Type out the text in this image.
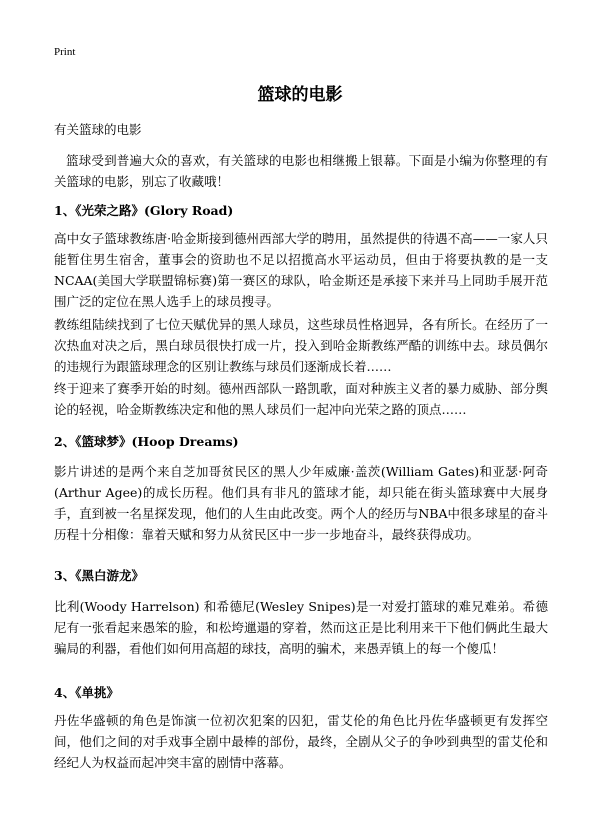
Print
篮球的电影
有关篮球的电影

篮球受到普遍大众的喜欢，有关篮球的电影也相继搬上银幕。下面是小编为你整理的有关篮球的电影，别忘了收藏哦！

1、《光荣之路》(Glory Road)

高中女子篮球教练唐·哈金斯接到德州西部大学的聘用，虽然提供的待遇不高——一家人只能暂住男生宿舍，董事会的资助也不足以招揽高水平运动员，但由于将要执教的是一支NCAA(美国大学联盟锦标赛)第一赛区的球队，哈金斯还是承接下来并马上同助手展开范围广泛的定位在黑人选手上的球员搜寻。

教练组陆续找到了七位天赋优异的黑人球员，这些球员性格迥异，各有所长。在经历了一次热血对决之后，黑白球员很快打成一片，投入到哈金斯教练严酷的训练中去。球员偶尔的违规行为跟篮球理念的区别让教练与球员们逐渐成长着……

终于迎来了赛季开始的时刻。德州西部队一路凯歌，面对种族主义者的暴力威胁、部分舆论的轻视，哈金斯教练决定和他的黑人球员们一起冲向光荣之路的顶点……

2、《篮球梦》(Hoop Dreams)

影片讲述的是两个来自芝加哥贫民区的黑人少年威廉·盖茨(William Gates)和亚瑟·阿奇(Arthur Agee)的成长历程。他们具有非凡的篮球才能，却只能在街头篮球赛中大展身手，直到被一名星探发现，他们的人生由此改变。两个人的经历与NBA中很多球星的奋斗历程十分相像：靠着天赋和努力从贫民区中一步一步地奋斗，最终获得成功。

3、《黑白游龙》

比利(Woody Harrelson) 和希德尼(Wesley Snipes)是一对爱打篮球的难兄难弟。希德尼有一张看起来愚笨的脸，和松垮邋遢的穿着，然而这正是比利用来干下他们俩此生最大骗局的利器，看他们如何用高超的球技，高明的骗术，来愚弄镇上的每一个傻瓜！

4、《单挑》

丹佐华盛顿的角色是饰演一位初次犯案的囚犯，雷艾伦的角色比丹佐华盛顿更有发挥空间，他们之间的对手戏事全剧中最棒的部份，最终，全剧从父子的争吵到典型的雷艾伦和经纪人为权益而起冲突丰富的剧情中落幕。
